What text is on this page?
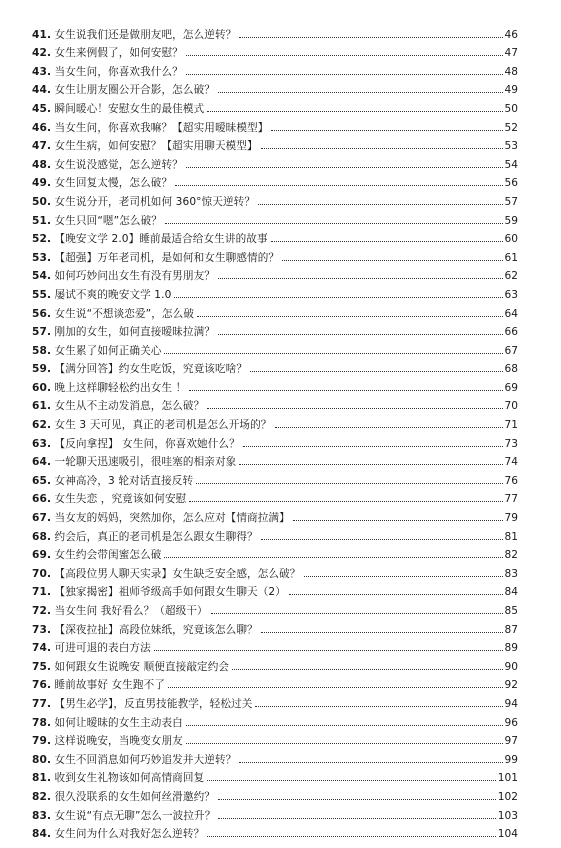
41. 女生说我们还是做朋友吧，怎么逆转？	46
42. 女生来例假了，如何安慰？	47
43. 当女生问，你喜欢我什么？	48
44. 女生让朋友圈公开合影，怎么破？	49
45. 瞬间暖心！安慰女生的最佳模式	50
46. 当女生问，你喜欢我嘛？【超实用暧昧模型】	52
47. 女生生病，如何安慰？【超实用聊天模型】	53
48. 女生说没感觉，怎么逆转？	54
49. 女生回复太慢，怎么破？	56
50. 女生说分开，老司机如何 360°惊天逆转？	57
51. 女生只回“嗯”怎么破？	59
52. 【晚安文学 2.0】睡前最适合给女生讲的故事	60
53. 【超强】万年老司机，是如何和女生聊感情的？	61
54. 如何巧妙问出女生有没有男朋友？	62
55. 屡试不爽的晚安文学 1.0	63
56. 女生说“不想谈恋爱”，怎么破	64
57. 刚加的女生，如何直接暧昧拉满？	66
58. 女生累了如何正确关心	67
59. 【满分回答】约女生吃饭，究竟该吃啥？	68
60. 晚上这样聊轻松约出女生 ！	69
61. 女生从不主动发消息，怎么破？	70
62. 女生 3 天可见，真正的老司机是怎么开场的？	71
63. 【反向拿捏】 女生问，你喜欢她什么？	73
64. 一轮聊天迅速吸引，很哇塞的相亲对象	74
65. 女神高冷，3 轮对话直接反转	76
66. 女生失恋 ，究竟该如何安慰	77
67. 当女友的妈妈，突然加你，怎么应对【情商拉满】	79
68. 约会后，真正的老司机是怎么跟女生聊得？	81
69. 女生约会带闺蜜怎么破	82
70. 【高段位男人聊天实录】女生缺乏安全感，怎么破？	83
71. 【独家揭密】祖师爷级高手如何跟女生聊天（2）	84
72. 当女生问 我好看么？（超级干）	85
73. 【深夜拉扯】高段位妹纸，究竟该怎么聊？	87
74. 可进可退的表白方法	89
75. 如何跟女生说晚安 顺便直接敲定约会	90
76. 睡前故事好 女生跑不了	92
77. 【男生必学】，反直男技能教学，轻松过关	94
78. 如何让暧昧的女生主动表白	96
79. 这样说晚安，当晚变女朋友	97
80. 女生不回消息如何巧妙追发并大逆转？	99
81. 收到女生礼物该如何高情商回复	101
82. 很久没联系的女生如何丝滑邀约？	102
83. 女生说“有点无聊”怎么一波拉升？	103
84. 女生问为什么对我好怎么逆转？	104
